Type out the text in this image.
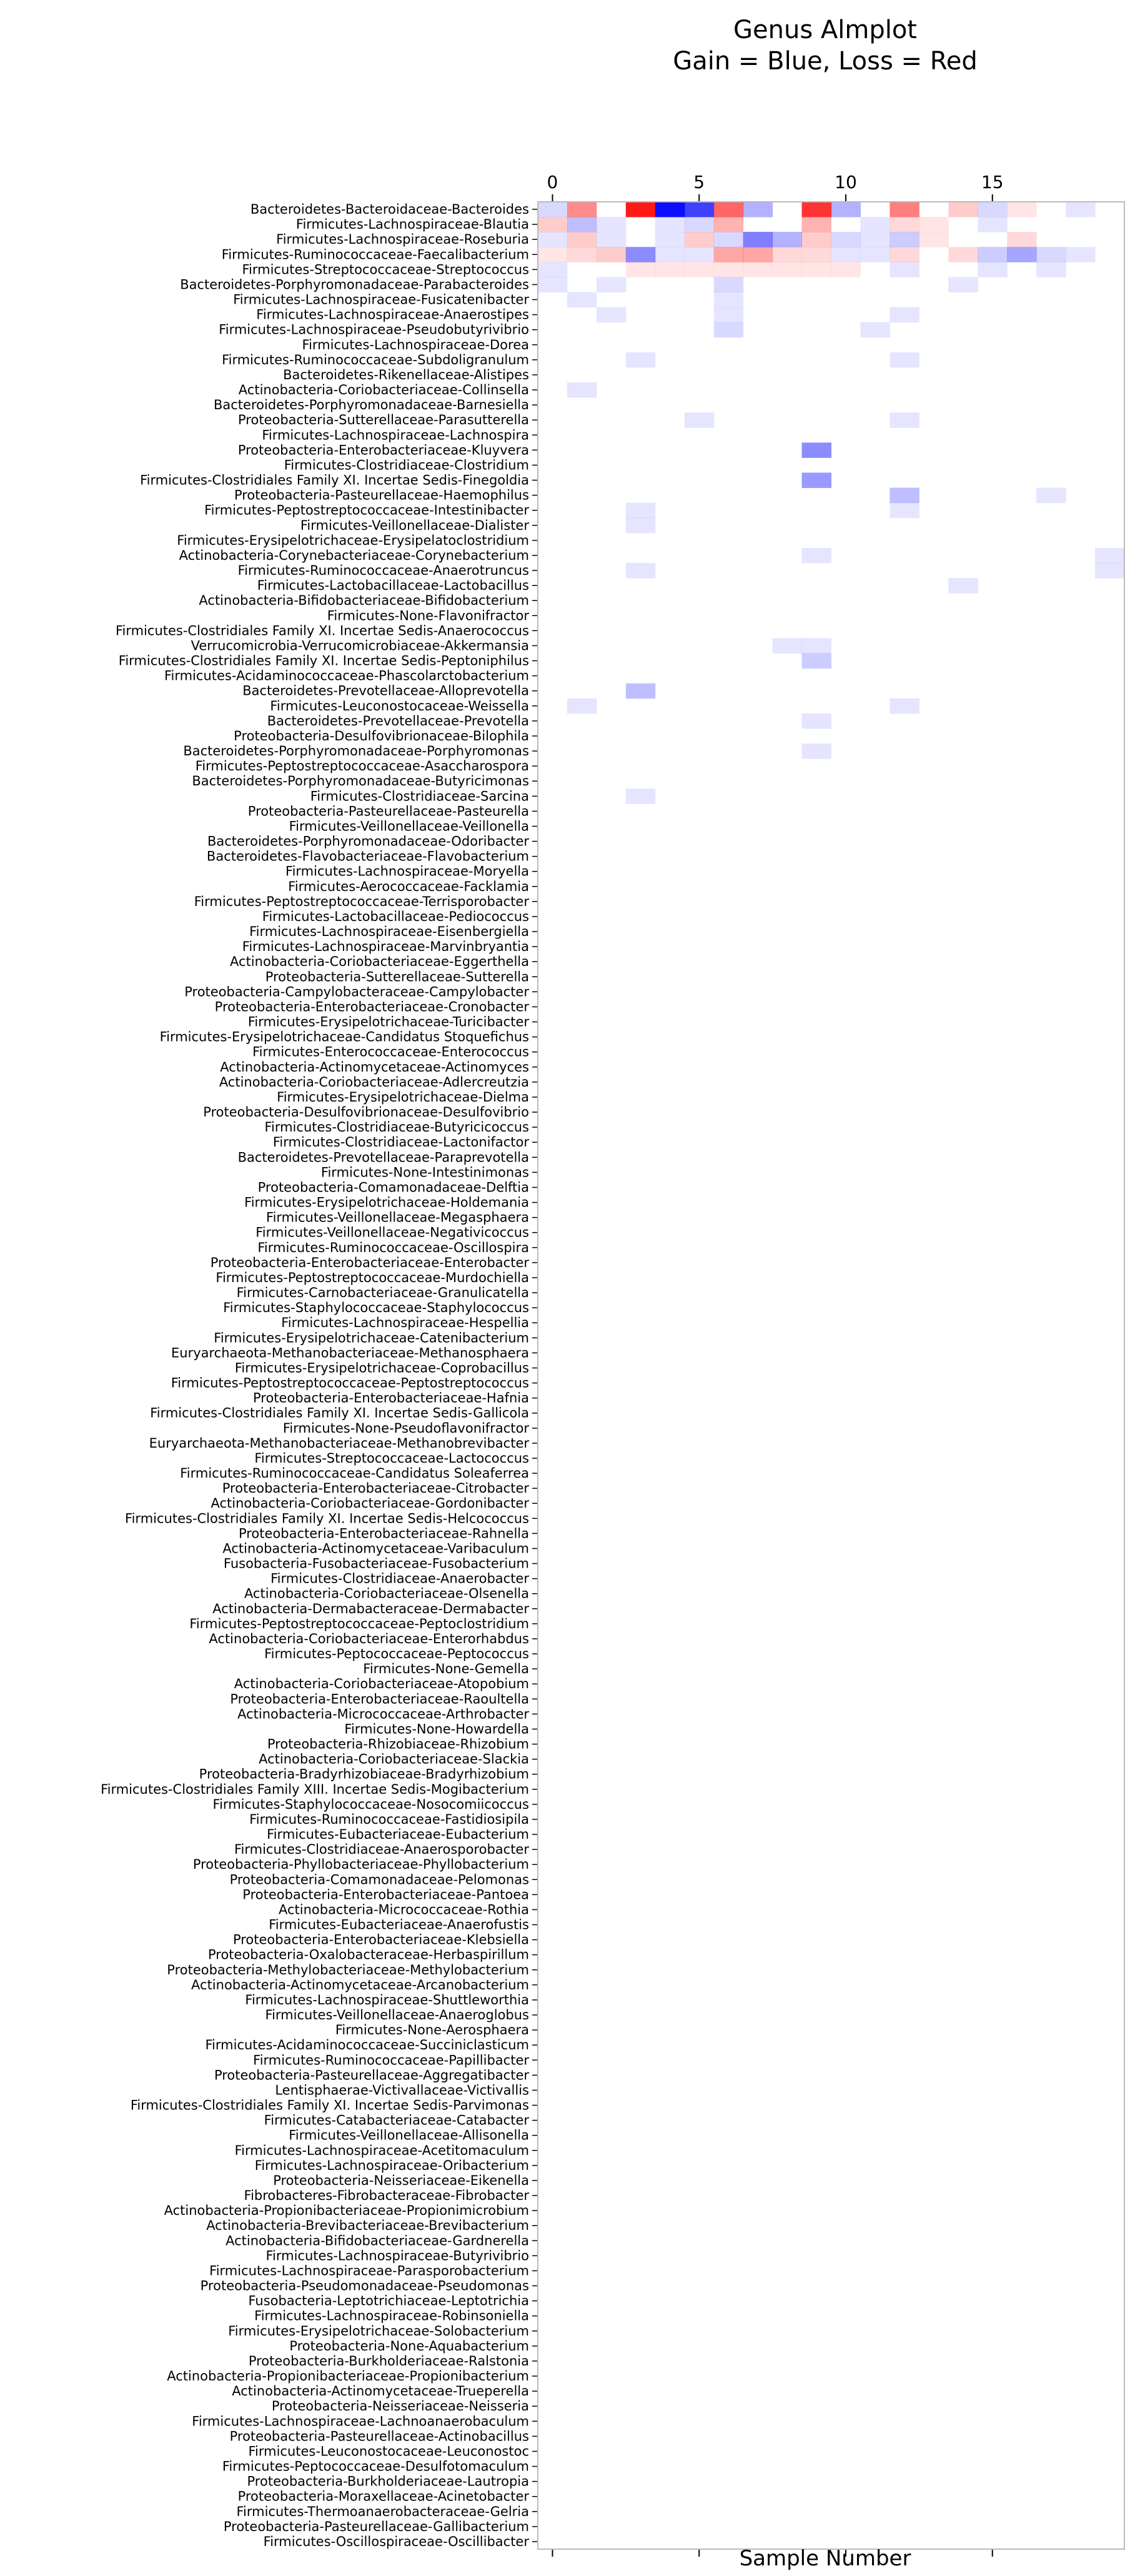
Genus Almplot
Gain = Blue, Loss = Red
Bacteroidetes-Bacteroidaceae-Bacteroides
Firmicutes-Lachnospiraceae-Blautia
Firmicutes-Lachnospiraceae-Roseburia
Firmicutes-Ruminococcaceae-Faecalibacterium
Firmicutes-Streptococcaceae-Streptococcus
Bacteroidetes-Porphyromonadaceae-Parabacteroides
Firmicutes-Lachnospiraceae-Fusicatenibacter
Firmicutes-Lachnospiraceae-Anaerostipes
Firmicutes-Lachnospiraceae-Pseudobutyrivibrio
Firmicutes-Lachnospiraceae-Dorea
Firmicutes-Ruminococcaceae-Subdoligranulum
Bacteroidetes-Rikenellaceae-Alistipes
Actinobacteria-Coriobacteriaceae-Collinsella
Bacteroidetes-Porphyromonadaceae-Barnesiella
Proteobacteria-Sutterellaceae-Parasutterella
Firmicutes-Lachnospiraceae-Lachnospira
Proteobacteria-Enterobacteriaceae-Kluyvera
Firmicutes-Clostridiaceae-Clostridium
Firmicutes-Clostridiales Family XI. Incertae Sedis-Finegoldia
Proteobacteria-Pasteurellaceae-Haemophilus
Firmicutes-Peptostreptococcaceae-Intestinibacter
Firmicutes-Veillonellaceae-Dialister
Firmicutes-Erysipelotrichaceae-Erysipelatoclostridium
Actinobacteria-Corynebacteriaceae-Corynebacterium
Firmicutes-Ruminococcaceae-Anaerotruncus
Firmicutes-Lactobacillaceae-Lactobacillus
Actinobacteria-Bifidobacteriaceae-Bifidobacterium
Firmicutes-None-Flavonifractor
Firmicutes-Clostridiales Family XI. Incertae Sedis-Anaerococcus
Verrucomicrobia-Verrucomicrobiaceae-Akkermansia
Firmicutes-Clostridiales Family XI. Incertae Sedis-Peptoniphilus
Firmicutes-Acidaminococcaceae-Phascolarctobacterium
Bacteroidetes-Prevotellaceae-Alloprevotella
Firmicutes-Leuconostocaceae-Weissella
Bacteroidetes-Prevotellaceae-Prevotella
Proteobacteria-Desulfovibrionaceae-Bilophila
Bacteroidetes-Porphyromonadaceae-Porphyromonas
Firmicutes-Peptostreptococcaceae-Asaccharospora
Bacteroidetes-Porphyromonadaceae-Butyricimonas
Firmicutes-Clostridiaceae-Sarcina
Proteobacteria-Pasteurellaceae-Pasteurella
Firmicutes-Veillonellaceae-Veillonella
Bacteroidetes-Porphyromonadaceae-Odoribacter
Bacteroidetes-Flavobacteriaceae-Flavobacterium
Firmicutes-Lachnospiraceae-Moryella
Firmicutes-Aerococcaceae-Facklamia
Firmicutes-Peptostreptococcaceae-Terrisporobacter
Firmicutes-Lactobacillaceae-Pediococcus
Firmicutes-Lachnospiraceae-Eisenbergiella
Firmicutes-Lachnospiraceae-Marvinbryantia
Actinobacteria-Coriobacteriaceae-Eggerthella
Proteobacteria-Sutterellaceae-Sutterella
Proteobacteria-Campylobacteraceae-Campylobacter
Proteobacteria-Enterobacteriaceae-Cronobacter
Firmicutes-Erysipelotrichaceae-Turicibacter
Firmicutes-Erysipelotrichaceae-Candidatus Stoquefichus
Firmicutes-Enterococcaceae-Enterococcus
Actinobacteria-Actinomycetaceae-Actinomyces
Actinobacteria-Coriobacteriaceae-Adlercreutzia
Firmicutes-Erysipelotrichaceae-Dielma
Proteobacteria-Desulfovibrionaceae-Desulfovibrio
Firmicutes-Clostridiaceae-Butyricicoccus
Firmicutes-Clostridiaceae-Lactonifactor
Bacteroidetes-Prevotellaceae-Paraprevotella
Firmicutes-None-Intestinimonas
Proteobacteria-Comamonadaceae-Delftia
Firmicutes-Erysipelotrichaceae-Holdemania
Firmicutes-Veillonellaceae-Megasphaera
Firmicutes-Veillonellaceae-Negativicoccus
Firmicutes-Ruminococcaceae-Oscillospira
Proteobacteria-Enterobacteriaceae-Enterobacter
Firmicutes-Peptostreptococcaceae-Murdochiella
Firmicutes-Carnobacteriaceae-Granulicatella
Firmicutes-Staphylococcaceae-Staphylococcus
Firmicutes-Lachnospiraceae-Hespellia
Firmicutes-Erysipelotrichaceae-Catenibacterium
Euryarchaeota-Methanobacteriaceae-Methanosphaera
Firmicutes-Erysipelotrichaceae-Coprobacillus
Firmicutes-Peptostreptococcaceae-Peptostreptococcus
Proteobacteria-Enterobacteriaceae-Hafnia
Firmicutes-Clostridiales Family XI. Incertae Sedis-Gallicola
Firmicutes-None-Pseudoflavonifractor
Euryarchaeota-Methanobacteriaceae-Methanobrevibacter
Firmicutes-Streptococcaceae-Lactococcus
Firmicutes-Ruminococcaceae-Candidatus Soleaferrea
Proteobacteria-Enterobacteriaceae-Citrobacter
Actinobacteria-Coriobacteriaceae-Gordonibacter
Firmicutes-Clostridiales Family XI. Incertae Sedis-Helcococcus
Proteobacteria-Enterobacteriaceae-Rahnella
Actinobacteria-Actinomycetaceae-Varibaculum
Fusobacteria-Fusobacteriaceae-Fusobacterium
Firmicutes-Clostridiaceae-Anaerobacter
Actinobacteria-Coriobacteriaceae-Olsenella
Actinobacteria-Dermabacteraceae-Dermabacter
Firmicutes-Peptostreptococcaceae-Peptoclostridium
Actinobacteria-Coriobacteriaceae-Enterorhabdus
Firmicutes-Peptococcaceae-Peptococcus
Firmicutes-None-Gemella
Actinobacteria-Coriobacteriaceae-Atopobium
Proteobacteria-Enterobacteriaceae-Raoultella
Actinobacteria-Micrococcaceae-Arthrobacter
Firmicutes-None-Howardella
Proteobacteria-Rhizobiaceae-Rhizobium
Actinobacteria-Coriobacteriaceae-Slackia
Proteobacteria-Bradyrhizobiaceae-Bradyrhizobium
Firmicutes-Clostridiales Family XIII. Incertae Sedis-Mogibacterium
Firmicutes-Staphylococcaceae-Nosocomiicoccus
Firmicutes-Ruminococcaceae-Fastidiosipila
Firmicutes-Eubacteriaceae-Eubacterium
Firmicutes-Clostridiaceae-Anaerosporobacter
Proteobacteria-Phyllobacteriaceae-Phyllobacterium
Proteobacteria-Comamonadaceae-Pelomonas
Proteobacteria-Enterobacteriaceae-Pantoea
Actinobacteria-Micrococcaceae-Rothia
Firmicutes-Eubacteriaceae-Anaerofustis
Proteobacteria-Enterobacteriaceae-Klebsiella
Proteobacteria-Oxalobacteraceae-Herbaspirillum
Proteobacteria-Methylobacteriaceae-Methylobacterium
Actinobacteria-Actinomycetaceae-Arcanobacterium
Firmicutes-Lachnospiraceae-Shuttleworthia
Firmicutes-Veillonellaceae-Anaeroglobus
Firmicutes-None-Aerosphaera
Firmicutes-Acidaminococcaceae-Succiniclasticum
Firmicutes-Ruminococcaceae-Papillibacter
Proteobacteria-Pasteurellaceae-Aggregatibacter
Lentisphaerae-Victivallaceae-Victivallis
Firmicutes-Clostridiales Family XI. Incertae Sedis-Parvimonas
Firmicutes-Catabacteriaceae-Catabacter
Firmicutes-Veillonellaceae-Allisonella
Firmicutes-Lachnospiraceae-Acetitomaculum
Firmicutes-Lachnospiraceae-Oribacterium
Proteobacteria-Neisseriaceae-Eikenella
Fibrobacteres-Fibrobacteraceae-Fibrobacter
Actinobacteria-Propionibacteriaceae-Propionimicrobium
Actinobacteria-Brevibacteriaceae-Brevibacterium
Actinobacteria-Bifidobacteriaceae-Gardnerella
Firmicutes-Lachnospiraceae-Butyrivibrio
Firmicutes-Lachnospiraceae-Parasporobacterium
Proteobacteria-Pseudomonadaceae-Pseudomonas
Fusobacteria-Leptotrichiaceae-Leptotrichia
Firmicutes-Lachnospiraceae-Robinsoniella
Firmicutes-Erysipelotrichaceae-Solobacterium
Proteobacteria-None-Aquabacterium
Proteobacteria-Burkholderiaceae-Ralstonia
Actinobacteria-Propionibacteriaceae-Propionibacterium
Actinobacteria-Actinomycetaceae-Trueperella
Proteobacteria-Neisseriaceae-Neisseria
Firmicutes-Lachnospiraceae-Lachnoanaerobaculum
Proteobacteria-Pasteurellaceae-Actinobacillus
Firmicutes-Leuconostocaceae-Leuconostoc
Firmicutes-Peptococcaceae-Desulfotomaculum
Proteobacteria-Burkholderiaceae-Lautropia
Proteobacteria-Moraxellaceae-Acinetobacter
Firmicutes-Thermoanaerobacteraceae-Gelria
Proteobacteria-Pasteurellaceae-Gallibacterium
Firmicutes-Oscillospiraceae-Oscillibacter
0	5	10	15
Sample Number
